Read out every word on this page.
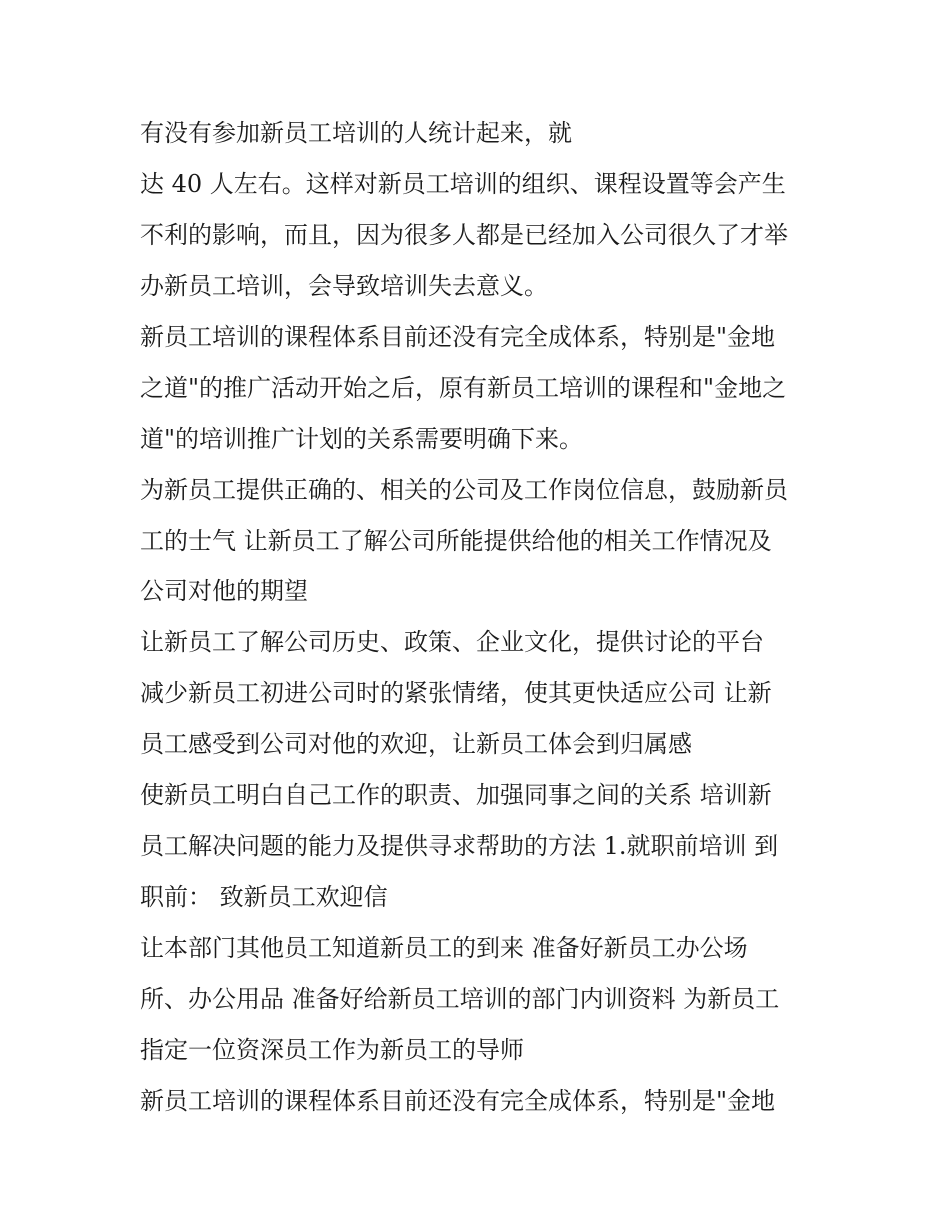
有没有参加新员工培训的人统计起来，就
达 40 人左右。这样对新员工培训的组织、课程设置等会产生
不利的影响，而且，因为很多人都是已经加入公司很久了才举
办新员工培训，会导致培训失去意义。
新员工培训的课程体系目前还没有完全成体系，特别是"金地
之道"的推广活动开始之后，原有新员工培训的课程和"金地之
道"的培训推广计划的关系需要明确下来。
为新员工提供正确的、相关的公司及工作岗位信息，鼓励新员
工的士气 让新员工了解公司所能提供给他的相关工作情况及
公司对他的期望
让新员工了解公司历史、政策、企业文化，提供讨论的平台
减少新员工初进公司时的紧张情绪，使其更快适应公司 让新
员工感受到公司对他的欢迎，让新员工体会到归属感
使新员工明白自己工作的职责、加强同事之间的关系 培训新
员工解决问题的能力及提供寻求帮助的方法 1.就职前培训 到
职前： 致新员工欢迎信
让本部门其他员工知道新员工的到来 准备好新员工办公场
所、办公用品 准备好给新员工培训的部门内训资料 为新员工
指定一位资深员工作为新员工的导师
新员工培训的课程体系目前还没有完全成体系，特别是"金地
